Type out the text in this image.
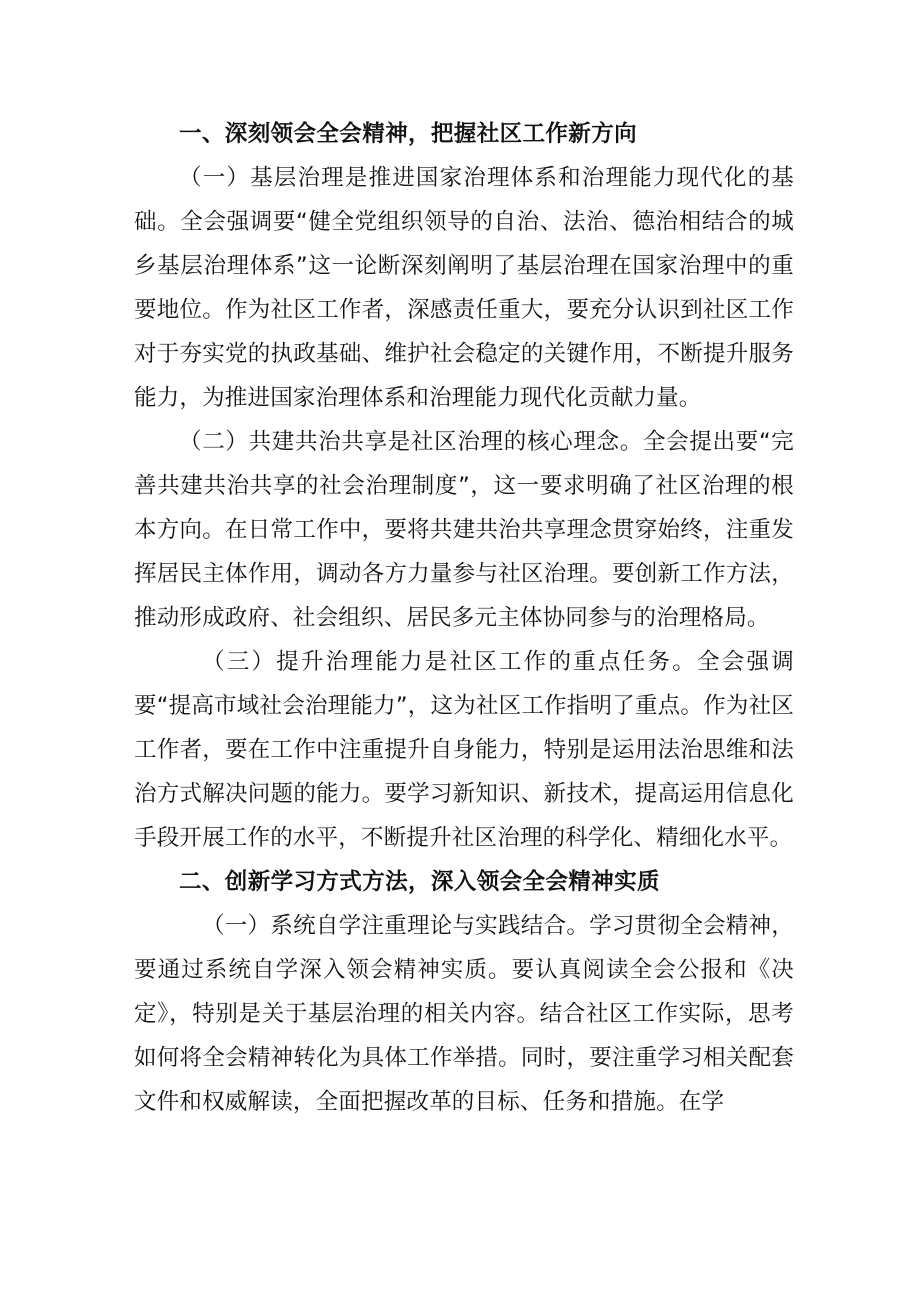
一、深刻领会全会精神，把握社区工作新方向

（一）基层治理是推进国家治理体系和治理能力现代化的基础。全会强调要“健全党组织领导的自治、法治、德治相结合的城乡基层治理体系”这一论断深刻阐明了基层治理在国家治理中的重要地位。作为社区工作者，深感责任重大，要充分认识到社区工作对于夯实党的执政基础、维护社会稳定的关键作用，不断提升服务能力，为推进国家治理体系和治理能力现代化贡献力量。

（二）共建共治共享是社区治理的核心理念。全会提出要“完善共建共治共享的社会治理制度”，这一要求明确了社区治理的根本方向。在日常工作中，要将共建共治共享理念贯穿始终，注重发挥居民主体作用，调动各方力量参与社区治理。要创新工作方法，推动形成政府、社会组织、居民多元主体协同参与的治理格局。

（三）提升治理能力是社区工作的重点任务。全会强调要“提高市域社会治理能力”，这为社区工作指明了重点。作为社区工作者，要在工作中注重提升自身能力，特别是运用法治思维和法治方式解决问题的能力。要学习新知识、新技术，提高运用信息化手段开展工作的水平，不断提升社区治理的科学化、精细化水平。

二、创新学习方式方法，深入领会全会精神实质

（一）系统自学注重理论与实践结合。学习贯彻全会精神，要通过系统自学深入领会精神实质。要认真阅读全会公报和《决定》，特别是关于基层治理的相关内容。结合社区工作实际，思考如何将全会精神转化为具体工作举措。同时，要注重学习相关配套文件和权威解读，全面把握改革的目标、任务和措施。在学
